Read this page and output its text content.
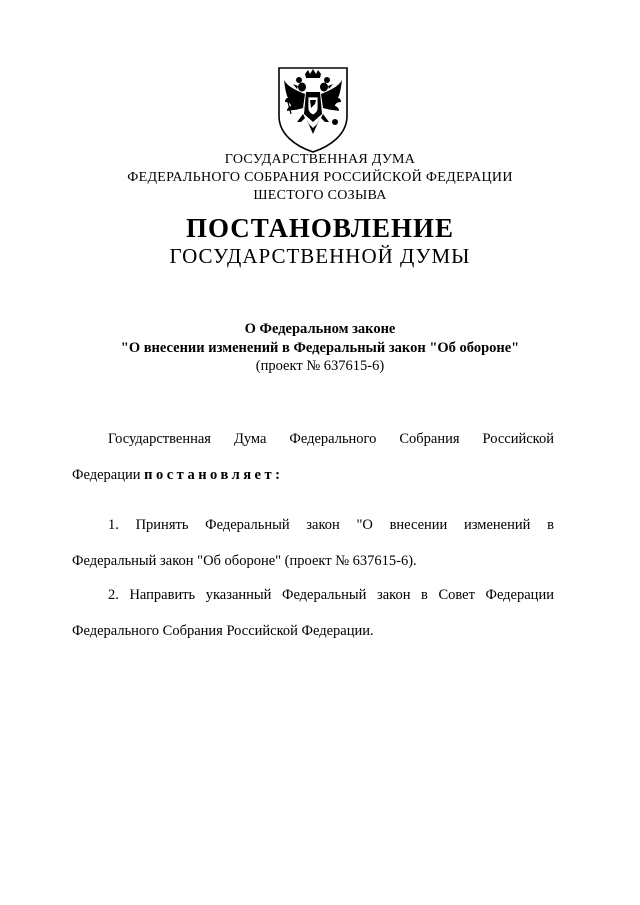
ГОСУДАРСТВЕННАЯ ДУМА
ФЕДЕРАЛЬНОГО СОБРАНИЯ РОССИЙСКОЙ ФЕДЕРАЦИИ
ШЕСТОГО СОЗЫВА
ПОСТАНОВЛЕНИЕ
ГОСУДАРСТВЕННОЙ ДУМЫ
О Федеральном законе
"О внесении изменений в Федеральный закон "Об обороне"
(проект № 637615-6)
Государственная Дума Федерального Собрания Российской
Федерации постановляет:
1. Принять Федеральный закон "О внесении изменений в
Федеральный закон "Об обороне" (проект № 637615-6).
2. Направить указанный Федеральный закон в Совет Федерации
Федерального Собрания Российской Федерации.
